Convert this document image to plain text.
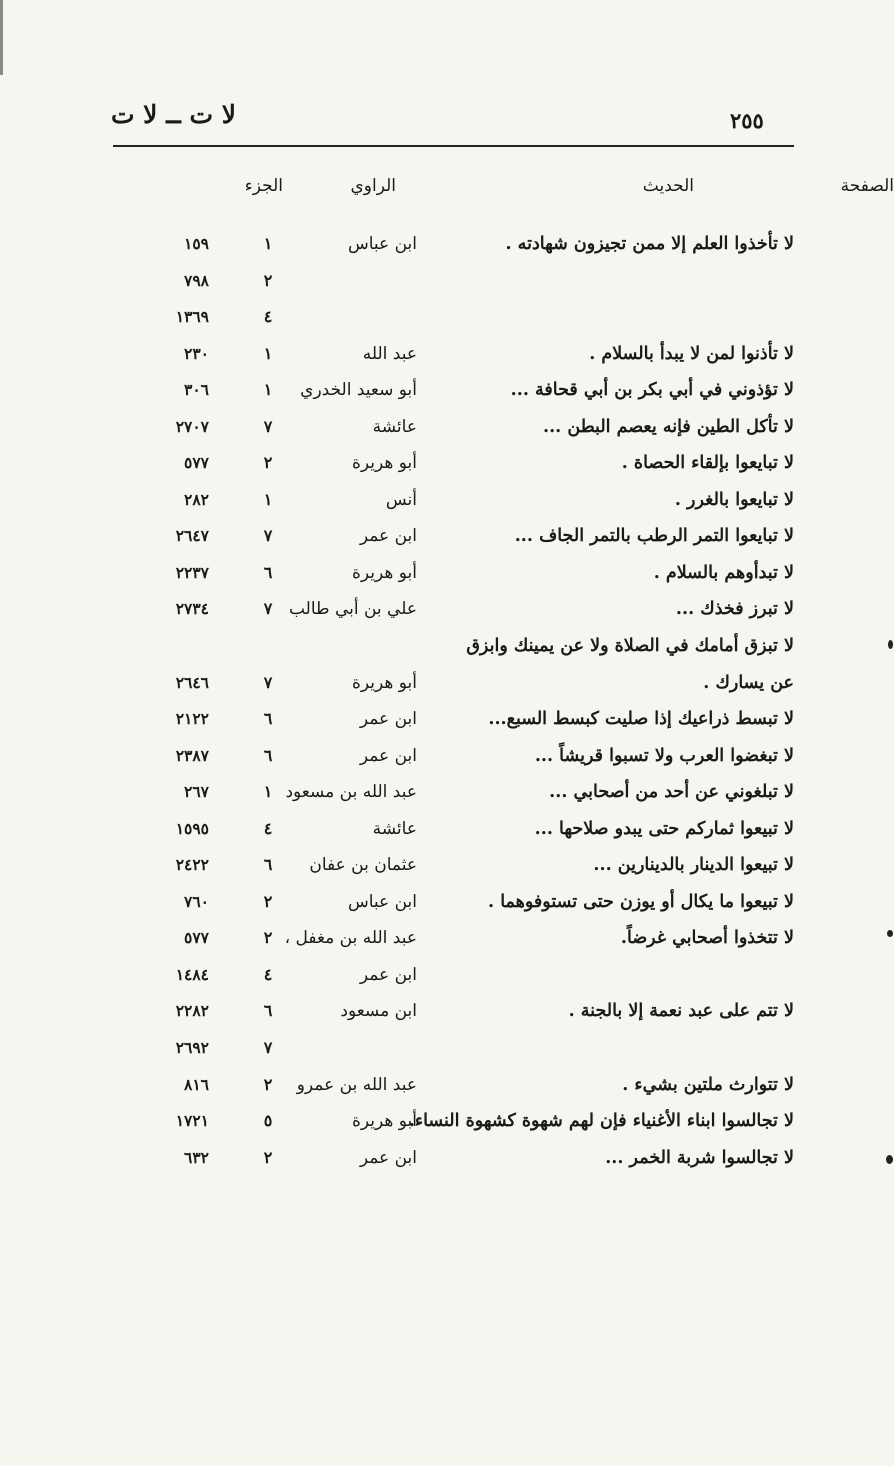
٢٥٥
لا ت ــ لا ت
الحديث
الراوي
الجزء	الصفحة
لا تأخذوا العلم إلا ممن تجيزون شهادته .
ابن عباس
١
١٥٩
٢
٧٩٨
٤
١٣٦٩
لا تأذنوا لمن لا يبدأ بالسلام .
عبد الله
١
٢٣٠
لا تؤذوني في أبي بكر بن أبي قحافة ...
أبو سعيد الخدري
١
٣٠٦
لا تأكل الطين فإنه يعصم البطن ...
عائشة
٧
٢٧٠٧
لا تبايعوا بإلقاء الحصاة .
أبو هريرة
٢
٥٧٧
لا تبايعوا بالغرر .
أنس
١
٢٨٢
لا تبايعوا التمر الرطب بالتمر الجاف ...
ابن عمر
٧
٢٦٤٧
لا تبدأوهم بالسلام .
أبو هريرة
٦
٢٢٣٧
لا تبرز فخذك ...
علي بن أبي طالب
٧
٢٧٣٤
لا تبزق أمامك في الصلاة ولا عن يمينك وابزق
عن يسارك .
أبو هريرة
٧
٢٦٤٦
لا تبسط ذراعيك إذا صليت كبسط السبع...
ابن عمر
٦
٢١٢٢
لا تبغضوا العرب ولا تسبوا قريشاً ...
ابن عمر
٦
٢٣٨٧
لا تبلغوني عن أحد من أصحابي ...
عبد الله بن مسعود
١
٢٦٧
لا تبيعوا ثماركم حتى يبدو صلاحها ...
عائشة
٤
١٥٩٥
لا تبيعوا الدينار بالدينارين ...
عثمان بن عفان
٦
٢٤٢٢
لا تبيعوا ما يكال أو يوزن حتى تستوفوهما .
ابن عباس
٢
٧٦٠
لا تتخذوا أصحابي غرضاً.
عبد الله بن مغفل ،
٢
٥٧٧
ابن عمر
٤
١٤٨٤
لا تتم على عبد نعمة إلا بالجنة .
ابن مسعود
٦
٢٢٨٢
٧
٢٦٩٢
لا تتوارث ملتين بشيء .
عبد الله بن عمرو
٢
٨١٦
لا تجالسوا ابناء الأغنياء فإن لهم شهوة كشهوة النساء.
أبو هريرة
٥
١٧٢١
لا تجالسوا شربة الخمر ...
ابن عمر
٢
٦٣٢
